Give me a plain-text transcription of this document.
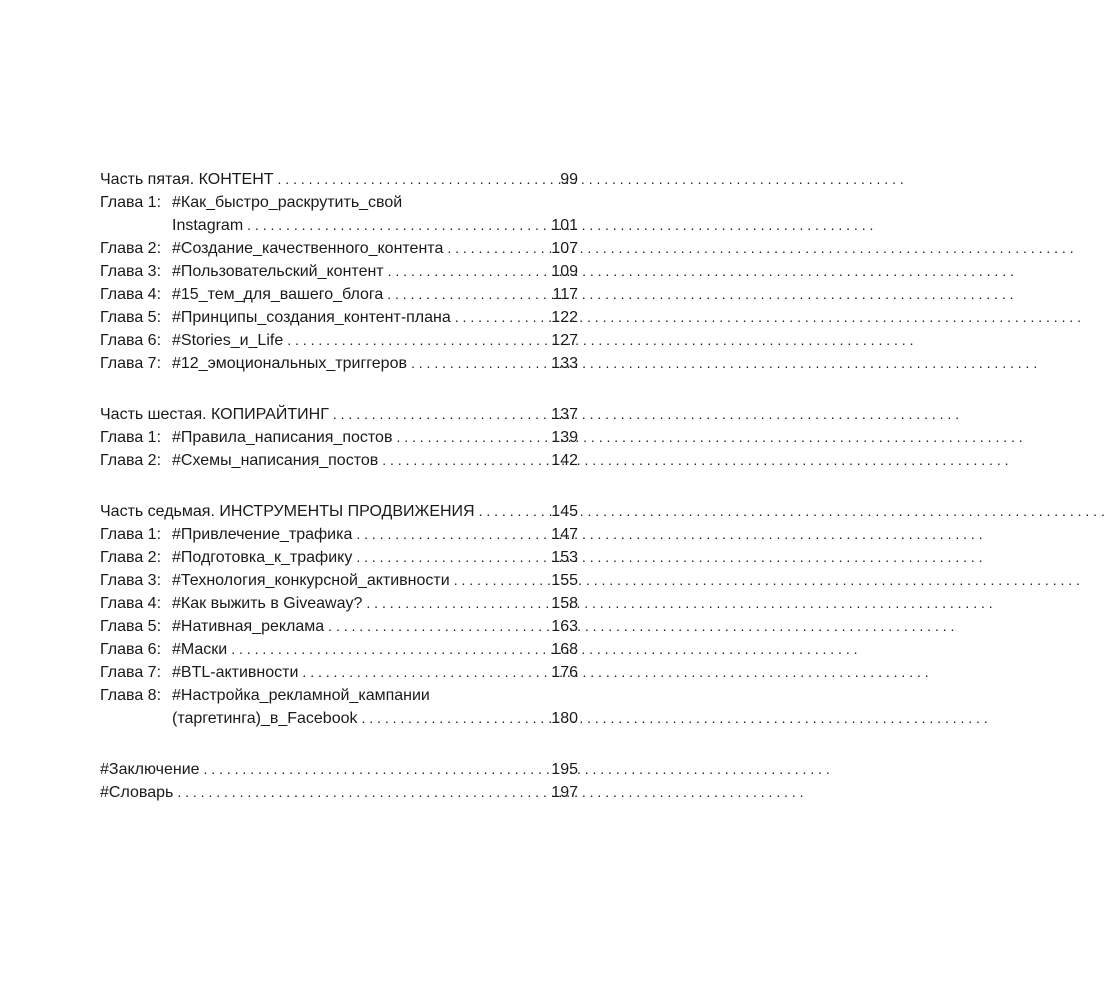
Часть пятая. КОНТЕНТ . . .	99
Глава 1: #Как_быстро_раскрутить_свой
Instagram . . .	101
Глава 2: #Создание_качественного_контента . . .	107
Глава 3: #Пользовательский_контент . . .	109
Глава 4: #15_тем_для_вашего_блога . . .	117
Глава 5: #Принципы_создания_контент-плана . . .	122
Глава 6: #Stories_и_Life . . .	127
Глава 7: #12_эмоциональных_триггеров . . .	133
Часть шестая. КОПИРАЙТИНГ . . .	137
Глава 1: #Правила_написания_постов . . .	139
Глава 2: #Схемы_написания_постов . . .	142
Часть седьмая. ИНСТРУМЕНТЫ ПРОДВИЖЕНИЯ . . .	145
Глава 1: #Привлечение_трафика . . .	147
Глава 2: #Подготовка_к_трафику . . .	153
Глава 3: #Технология_конкурсной_активности . . .	155
Глава 4: #Как выжить в Giveaway? . . .	158
Глава 5: #Нативная_реклама . . .	163
Глава 6: #Маски . . .	168
Глава 7: #BTL-активности . . .	176
Глава 8: #Настройка_рекламной_кампании
(таргетинга)_в_Facebook . . .	180
#Заключение . . .	195
#Словарь . . .	197
